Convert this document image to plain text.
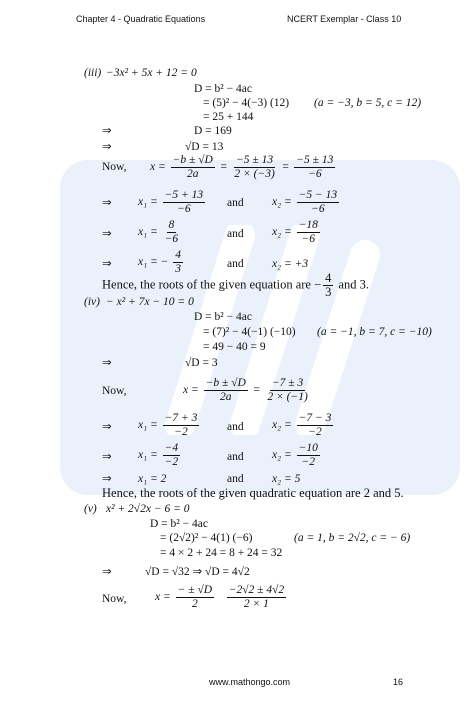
Chapter 4 - Quadratic Equations	NCERT Exemplar - Class 10
(iii) −3x² + 5x + 12 = 0
D = b² − 4ac
= (5)² − 4(−3) (12) (a = −3, b = 5, c = 12)
= 25 + 144
⇒	D = 169
⇒	√D = 13
Now, $x = \frac{-b \pm √D}{2a} = \frac{-5 \pm 13}{2 \times (-3)} = \frac{-5 \pm 13}{-6}$
⇒ $x_1 = \frac{-5 + 13}{-6}$ and $x_2 = \frac{-5 - 13}{-6}$
⇒ $x_1 = \frac{8}{-6}$	and $x_2 = \frac{-18}{-6}$
⇒ x₁ = − $\frac{4}{3}$	and x₂ = +3
Hence, the roots of the given equation are − $\frac{4}{3}$ and 3.
(iv) − x² + 7x − 10 = 0
D = b² − 4ac
= (7)² − 4(−1) (−10) (a = −1, b = 7, c = −10)
= 49 − 40 = 9
⇒	√D = 3
Now,	$x = \frac{-b \pm √D}{2a} = \frac{-7 \pm 3}{2 \times (-1)}$
⇒ $x_1 = \frac{-7 + 3}{-2}$ and $x_2 = \frac{-7 - 3}{-2}$
⇒ $x_1 = \frac{-4}{-2}$	and $x_2 = \frac{-10}{-2}$
⇒ x₁ = 2	and x₂ = 5
Hence, the roots of the given quadratic equation are 2 and 5.
(v) x² + 2√2x − 6 = 0
D = b² − 4ac
= (2√2)² − 4(1) (−6)	(a = 1, b = 2√2, c = − 6)
= 4 × 2 + 24 = 8 + 24 = 32
⇒	√D = √32 ⇒ √D = 4√2
Now, $x = \frac{- \pm √D}{2}$
$\frac{-2√2 \pm 4√2}{2 \times 1}$
www.mathongo.com	16
